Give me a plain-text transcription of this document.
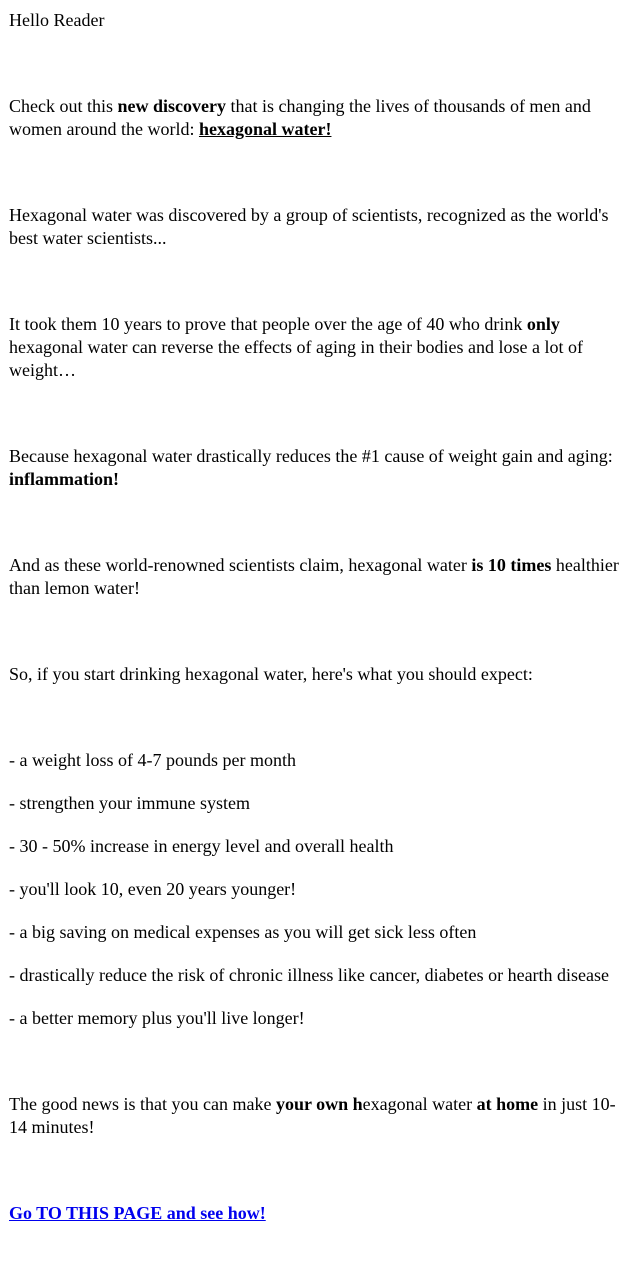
Hello Reader

Check out this new discovery that is changing the lives of thousands of men and women around the world: hexagonal water!

Hexagonal water was discovered by a group of scientists, recognized as the world's best water scientists...

It took them 10 years to prove that people over the age of 40 who drink only hexagonal water can reverse the effects of aging in their bodies and lose a lot of weight…

Because hexagonal water drastically reduces the #1 cause of weight gain and aging: inflammation!

And as these world-renowned scientists claim, hexagonal water is 10 times healthier than lemon water!

So, if you start drinking hexagonal water, here's what you should expect:

- a weight loss of 4-7 pounds per month

- strengthen your immune system

- 30 - 50% increase in energy level and overall health

- you'll look 10, even 20 years younger!

- a big saving on medical expenses as you will get sick less often

- drastically reduce the risk of chronic illness like cancer, diabetes or hearth disease

- a better memory plus you'll live longer!

The good news is that you can make your own hexagonal water at home in just 10-14 minutes!

Go TO THIS PAGE and see how!
